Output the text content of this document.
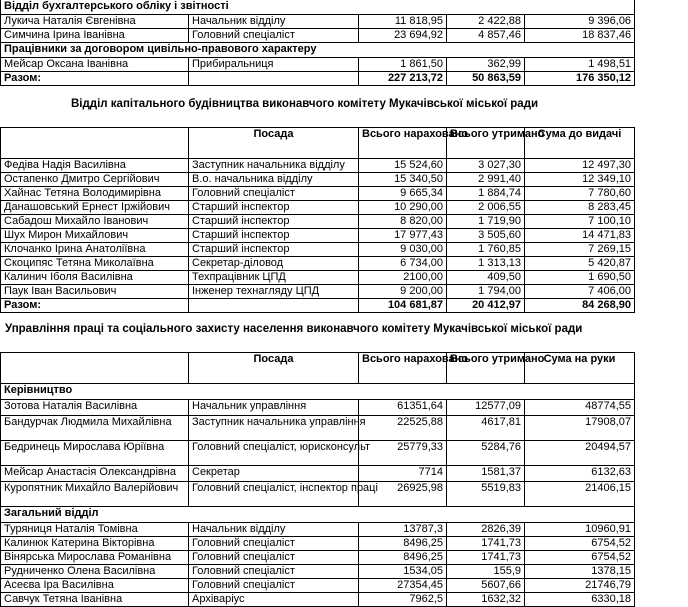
Відділ бухгалтерського обліку і звітності				
Лукича Наталія Євгенівна	Начальник відділу	11 818,95	2 422,88	9 396,06
Симчина Ірина Іванівна	Головний спеціаліст	23 694,92	4 857,46	18 837,46
Працівники за договором цивільно-правового характеру				
Мейсар Оксана Іванівна	Прибиральниця	1 861,50	362,99	1 498,51
Разом:		227 213,72	50 863,59	176 350,12
Відділ капітального будівництва виконавчого комітету Мукачівської міської ради
	Посада	Всього нараховано	Всього утримано	Сума до видачі
Федіва Надія Василівна	Заступник начальника відділу	15 524,60	3 027,30	12 497,30
Остапенко Дмитро Сергійович	В.о. начальника відділу	15 340,50	2 991,40	12 349,10
Хайнас Тетяна Володимирівна	Головний спеціаліст	9 665,34	1 884,74	7 780,60
Данашовський Ернест Іржійович	Старший інспектор	10 290,00	2 006,55	8 283,45
Сабадош Михайло Іванович	Старший інспектор	8 820,00	1 719,90	7 100,10
Шух Мирон Михайлович	Старший інспектор	17 977,43	3 505,60	14 471,83
Клочанко Ірина Анатоліївна	Старший інспектор	9 030,00	1 760,85	7 269,15
Скоципяс Тетяна Миколаївна	Секретар-діловод	6 734,00	1 313,13	5 420,87
Калинич Іболя Василівна	Техпрацівник ЦПД	2100,00	409,50	1 690,50
Паук Іван Васильович	Інженер технагляду ЦПД	9 200,00	1 794,00	7 406,00
Разом:		104 681,87	20 412,97	84 268,90
Управління праці та соціального захисту населення виконавчого комітету Мукачівської міської ради
	Посада	Всього нараховано	Всього утримано	Сума на руки
Керівництво				
Зотова Наталія Василівна	Начальник управління	61351,64	12577,09	48774,55
Бандурчак Людмила Михайлівна	Заступник начальника управління	22525,88	4617,81	17908,07
Бедринець Мирослава Юріївна	Головний спеціаліст, юрисконсульт	25779,33	5284,76	20494,57
Мейсар Анастасія Олександрівна	Секретар	7714	1581,37	6132,63
Куропятник Михайло Валерійович	Головний спеціаліст, інспектор праці	26925,98	5519,83	21406,15
Загальний відділ				
Туряниця Наталія Томівна	Начальник відділу	13787,3	2826,39	10960,91
Калинюк Катерина Вікторівна	Головний спеціаліст	8496,25	1741,73	6754,52
Вінярська Мирослава Романівна	Головний спеціаліст	8496,25	1741,73	6754,52
Рудниченко Олена Василівна	Головний спеціаліст	1534,05	155,9	1378,15
Асеєва Іра Василівна	Головний спеціаліст	27354,45	5607,66	21746,79
Савчук Тетяна Іванівна	Архіваріус	7962,5	1632,32	6330,18
